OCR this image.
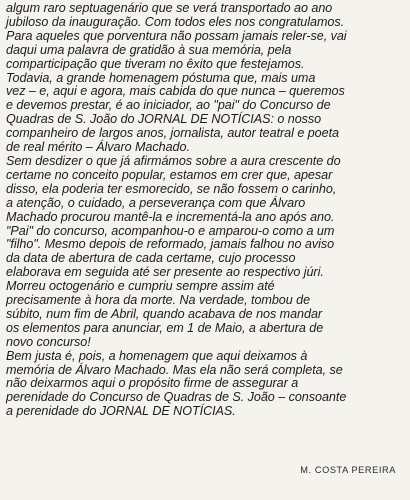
algum raro septuagenário que se verá transportado ao ano
jubiloso da inauguração. Com todos eles nos congratulamos.
Para aqueles que porventura não possam jamais reler-se, vai
daqui uma palavra de gratidão à sua memória, pela
comparticipação que tiveram no êxito que festejamos.
Todavia, a grande homenagem póstuma que, mais uma
vez – e, aqui e agora, mais cabida do que nunca – queremos
e devemos prestar, é ao iniciador, ao "pai" do Concurso de
Quadras de S. João do JORNAL DE NOTÍCIAS: o nosso
companheiro de largos anos, jornalista, autor teatral e poeta
de real mérito – Álvaro Machado.
Sem desdizer o que já afirmámos sobre a aura crescente do
certame no conceito popular, estamos em crer que, apesar
disso, ela poderia ter esmorecido, se não fossem o carinho,
a atenção, o cuidado, a perseverança com que Álvaro
Machado procurou mantê-la e incrementá-la ano após ano.
"Pai" do concurso, acompanhou-o e amparou-o como a um
"filho". Mesmo depois de reformado, jamais falhou no aviso
da data de abertura de cada certame, cujo processo
elaborava em seguida até ser presente ao respectivo júri.
Morreu octogenário e cumpriu sempre assim até
precisamente à hora da morte. Na verdade, tombou de
súbito, num fim de Abril, quando acabava de nos mandar
os elementos para anunciar, em 1 de Maio, a abertura de
novo concurso!
Bem justa é, pois, a homenagem que aqui deixamos à
memória de Álvaro Machado. Mas ela não será completa, se
não deixarmos aqui o propósito firme de assegurar a
perenidade do Concurso de Quadras de S. João – consoante
a perenidade do JORNAL DE NOTÍCIAS.
M. COSTA PEREIRA
